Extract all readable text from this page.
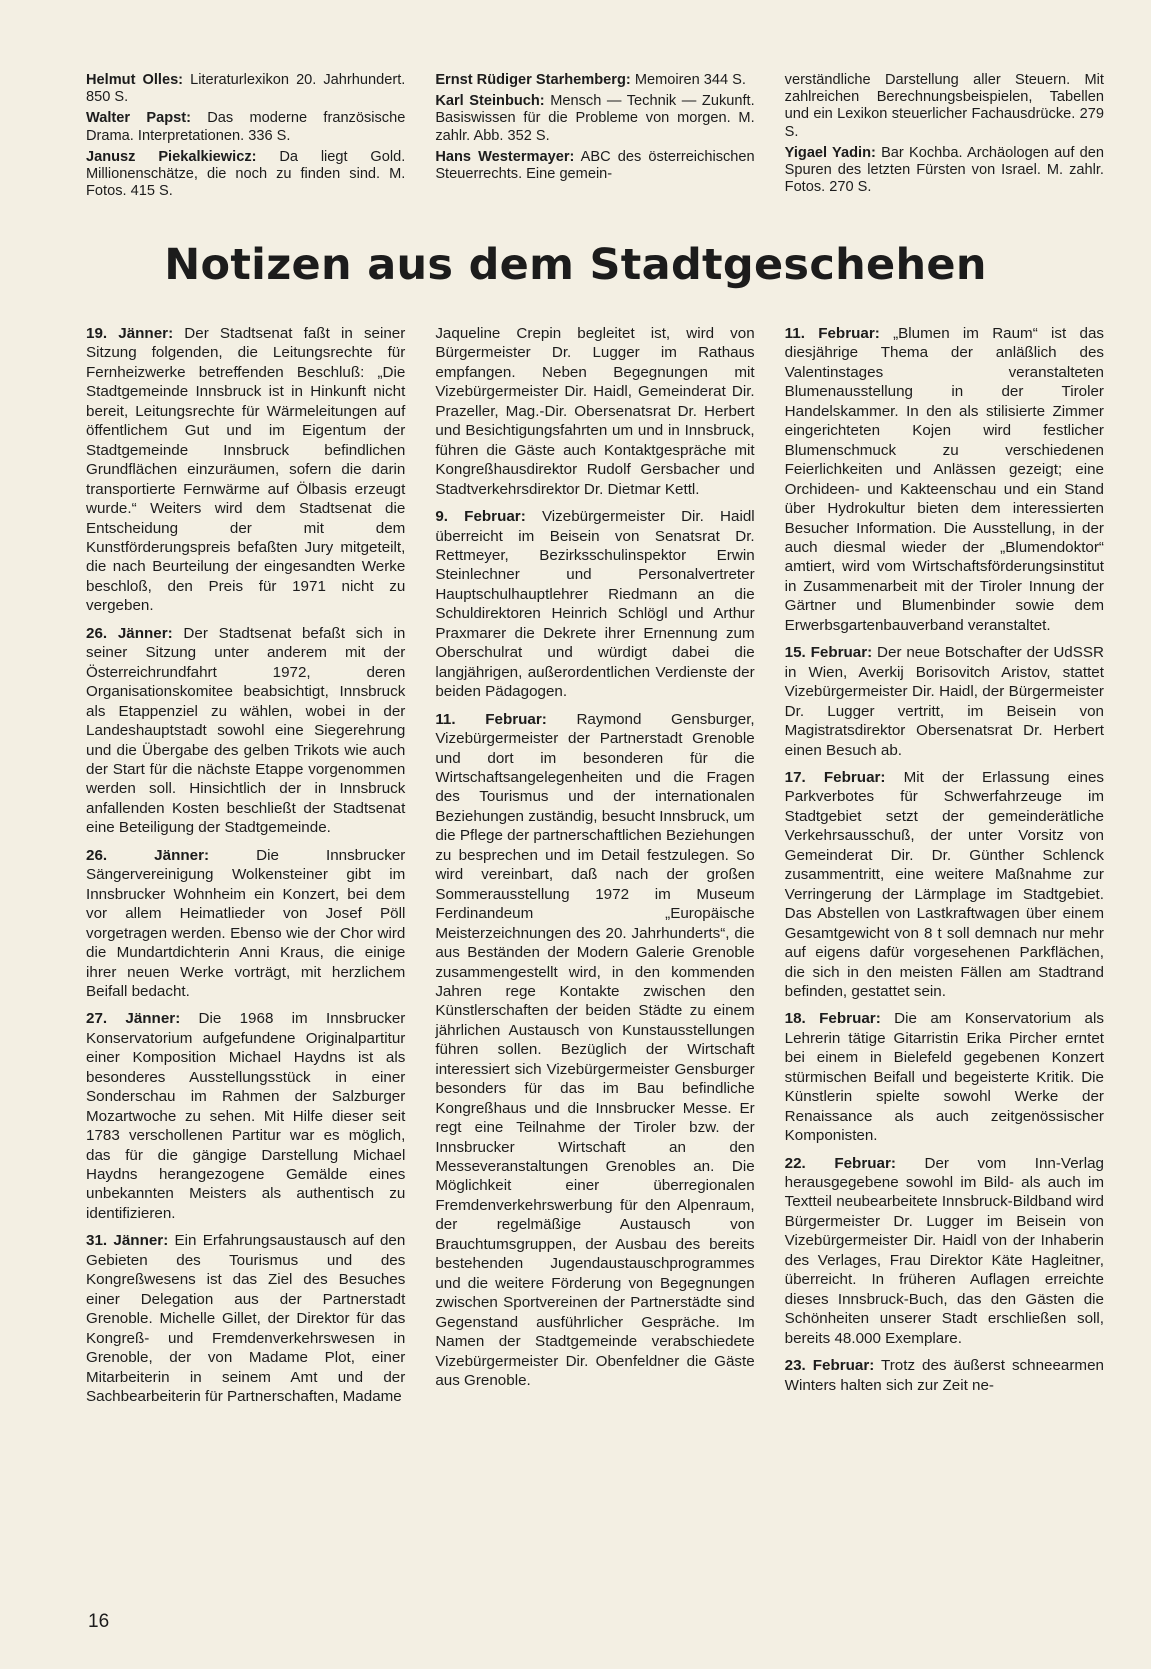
Helmut Olles: Literaturlexikon 20. Jahrhundert. 850 S.

Walter Papst: Das moderne französische Drama. Interpretationen. 336 S.

Janusz Piekalkiewicz: Da liegt Gold. Millionenschätze, die noch zu finden sind. M. Fotos. 415 S.

Ernst Rüdiger Starhemberg: Memoiren 344 S.

Karl Steinbuch: Mensch — Technik — Zukunft. Basiswissen für die Probleme von morgen. M. zahlr. Abb. 352 S.

Hans Westermayer: ABC des österreichischen Steuerrechts. Eine gemein-

verständliche Darstellung aller Steuern. Mit zahlreichen Berechnungsbeispielen, Tabellen und ein Lexikon steuerlicher Fachausdrücke. 279 S.

Yigael Yadin: Bar Kochba. Archäologen auf den Spuren des letzten Fürsten von Israel. M. zahlr. Fotos. 270 S.

Notizen aus dem Stadtgeschehen

19. Jänner: Der Stadtsenat faßt in seiner Sitzung folgenden, die Leitungsrechte für Fernheizwerke betreffenden Beschluß: „Die Stadtgemeinde Innsbruck ist in Hinkunft nicht bereit, Leitungsrechte für Wärmeleitungen auf öffentlichem Gut und im Eigentum der Stadtgemeinde Innsbruck befindlichen Grundflächen einzuräumen, sofern die darin transportierte Fernwärme auf Ölbasis erzeugt wurde.“ Weiters wird dem Stadtsenat die Entscheidung der mit dem Kunstförderungspreis befaßten Jury mitgeteilt, die nach Beurteilung der eingesandten Werke beschloß, den Preis für 1971 nicht zu vergeben.

26. Jänner: Der Stadtsenat befaßt sich in seiner Sitzung unter anderem mit der Österreichrundfahrt 1972, deren Organisationskomitee beabsichtigt, Innsbruck als Etappenziel zu wählen, wobei in der Landeshauptstadt sowohl eine Siegerehrung und die Übergabe des gelben Trikots wie auch der Start für die nächste Etappe vorgenommen werden soll. Hinsichtlich der in Innsbruck anfallenden Kosten beschließt der Stadtsenat eine Beteiligung der Stadtgemeinde.

26. Jänner: Die Innsbrucker Sängervereinigung Wolkensteiner gibt im Innsbrucker Wohnheim ein Konzert, bei dem vor allem Heimatlieder von Josef Pöll vorgetragen werden. Ebenso wie der Chor wird die Mundartdichterin Anni Kraus, die einige ihrer neuen Werke vorträgt, mit herzlichem Beifall bedacht.

27. Jänner: Die 1968 im Innsbrucker Konservatorium aufgefundene Originalpartitur einer Komposition Michael Haydns ist als besonderes Ausstellungsstück in einer Sonderschau im Rahmen der Salzburger Mozartwoche zu sehen. Mit Hilfe dieser seit 1783 verschollenen Partitur war es möglich, das für die gängige Darstellung Michael Haydns herangezogene Gemälde eines unbekannten Meisters als authentisch zu identifizieren.

31. Jänner: Ein Erfahrungsaustausch auf den Gebieten des Tourismus und des Kongreßwesens ist das Ziel des Besuches einer Delegation aus der Partnerstadt Grenoble. Michelle Gillet, der Direktor für das Kongreß- und Fremdenverkehrswesen in Grenoble, der von Madame Plot, einer Mitarbeiterin in seinem Amt und der Sachbearbeiterin für Partnerschaften, Madame

Jaqueline Crepin begleitet ist, wird von Bürgermeister Dr. Lugger im Rathaus empfangen. Neben Begegnungen mit Vizebürgermeister Dir. Haidl, Gemeinderat Dir. Prazeller, Mag.-Dir. Obersenatsrat Dr. Herbert und Besichtigungsfahrten um und in Innsbruck, führen die Gäste auch Kontaktgespräche mit Kongreßhausdirektor Rudolf Gersbacher und Stadtverkehrsdirektor Dr. Dietmar Kettl.

9. Februar: Vizebürgermeister Dir. Haidl überreicht im Beisein von Senatsrat Dr. Rettmeyer, Bezirksschulinspektor Erwin Steinlechner und Personalvertreter Hauptschulhauptlehrer Riedmann an die Schuldirektoren Heinrich Schlögl und Arthur Praxmarer die Dekrete ihrer Ernennung zum Oberschulrat und würdigt dabei die langjährigen, außerordentlichen Verdienste der beiden Pädagogen.

11. Februar: Raymond Gensburger, Vizebürgermeister der Partnerstadt Grenoble und dort im besonderen für die Wirtschaftsangelegenheiten und die Fragen des Tourismus und der internationalen Beziehungen zuständig, besucht Innsbruck, um die Pflege der partnerschaftlichen Beziehungen zu besprechen und im Detail festzulegen. So wird vereinbart, daß nach der großen Sommerausstellung 1972 im Museum Ferdinandeum „Europäische Meisterzeichnungen des 20. Jahrhunderts“, die aus Beständen der Modern Galerie Grenoble zusammengestellt wird, in den kommenden Jahren rege Kontakte zwischen den Künstlerschaften der beiden Städte zu einem jährlichen Austausch von Kunstausstellungen führen sollen. Bezüglich der Wirtschaft interessiert sich Vizebürgermeister Gensburger besonders für das im Bau befindliche Kongreßhaus und die Innsbrucker Messe. Er regt eine Teilnahme der Tiroler bzw. der Innsbrucker Wirtschaft an den Messeveranstaltungen Grenobles an. Die Möglichkeit einer überregionalen Fremdenverkehrswerbung für den Alpenraum, der regelmäßige Austausch von Brauchtumsgruppen, der Ausbau des bereits bestehenden Jugendaustauschprogrammes und die weitere Förderung von Begegnungen zwischen Sportvereinen der Partnerstädte sind Gegenstand ausführlicher Gespräche. Im Namen der Stadtgemeinde verabschiedete Vizebürgermeister Dir. Obenfeldner die Gäste aus Grenoble.

11. Februar: „Blumen im Raum“ ist das diesjährige Thema der anläßlich des Valentinstages veranstalteten Blumenausstellung in der Tiroler Handelskammer. In den als stilisierte Zimmer eingerichteten Kojen wird festlicher Blumenschmuck zu verschiedenen Feierlichkeiten und Anlässen gezeigt; eine Orchideen- und Kakteenschau und ein Stand über Hydrokultur bieten dem interessierten Besucher Information. Die Ausstellung, in der auch diesmal wieder der „Blumendoktor“ amtiert, wird vom Wirtschaftsförderungsinstitut in Zusammenarbeit mit der Tiroler Innung der Gärtner und Blumenbinder sowie dem Erwerbsgartenbauverband veranstaltet.

15. Februar: Der neue Botschafter der UdSSR in Wien, Averkij Borisovitch Aristov, stattet Vizebürgermeister Dir. Haidl, der Bürgermeister Dr. Lugger vertritt, im Beisein von Magistratsdirektor Obersenatsrat Dr. Herbert einen Besuch ab.

17. Februar: Mit der Erlassung eines Parkverbotes für Schwerfahrzeuge im Stadtgebiet setzt der gemeinderätliche Verkehrsausschuß, der unter Vorsitz von Gemeinderat Dir. Dr. Günther Schlenck zusammentritt, eine weitere Maßnahme zur Verringerung der Lärmplage im Stadtgebiet. Das Abstellen von Lastkraftwagen über einem Gesamtgewicht von 8 t soll demnach nur mehr auf eigens dafür vorgesehenen Parkflächen, die sich in den meisten Fällen am Stadtrand befinden, gestattet sein.

18. Februar: Die am Konservatorium als Lehrerin tätige Gitarristin Erika Pircher erntet bei einem in Bielefeld gegebenen Konzert stürmischen Beifall und begeisterte Kritik. Die Künstlerin spielte sowohl Werke der Renaissance als auch zeitgenössischer Komponisten.

22. Februar: Der vom Inn-Verlag herausgegebene sowohl im Bild- als auch im Textteil neubearbeitete Innsbruck-Bildband wird Bürgermeister Dr. Lugger im Beisein von Vizebürgermeister Dir. Haidl von der Inhaberin des Verlages, Frau Direktor Käte Hagleitner, überreicht. In früheren Auflagen erreichte dieses Innsbruck-Buch, das den Gästen die Schönheiten unserer Stadt erschließen soll, bereits 48.000 Exemplare.

23. Februar: Trotz des äußerst schneearmen Winters halten sich zur Zeit ne-

16
